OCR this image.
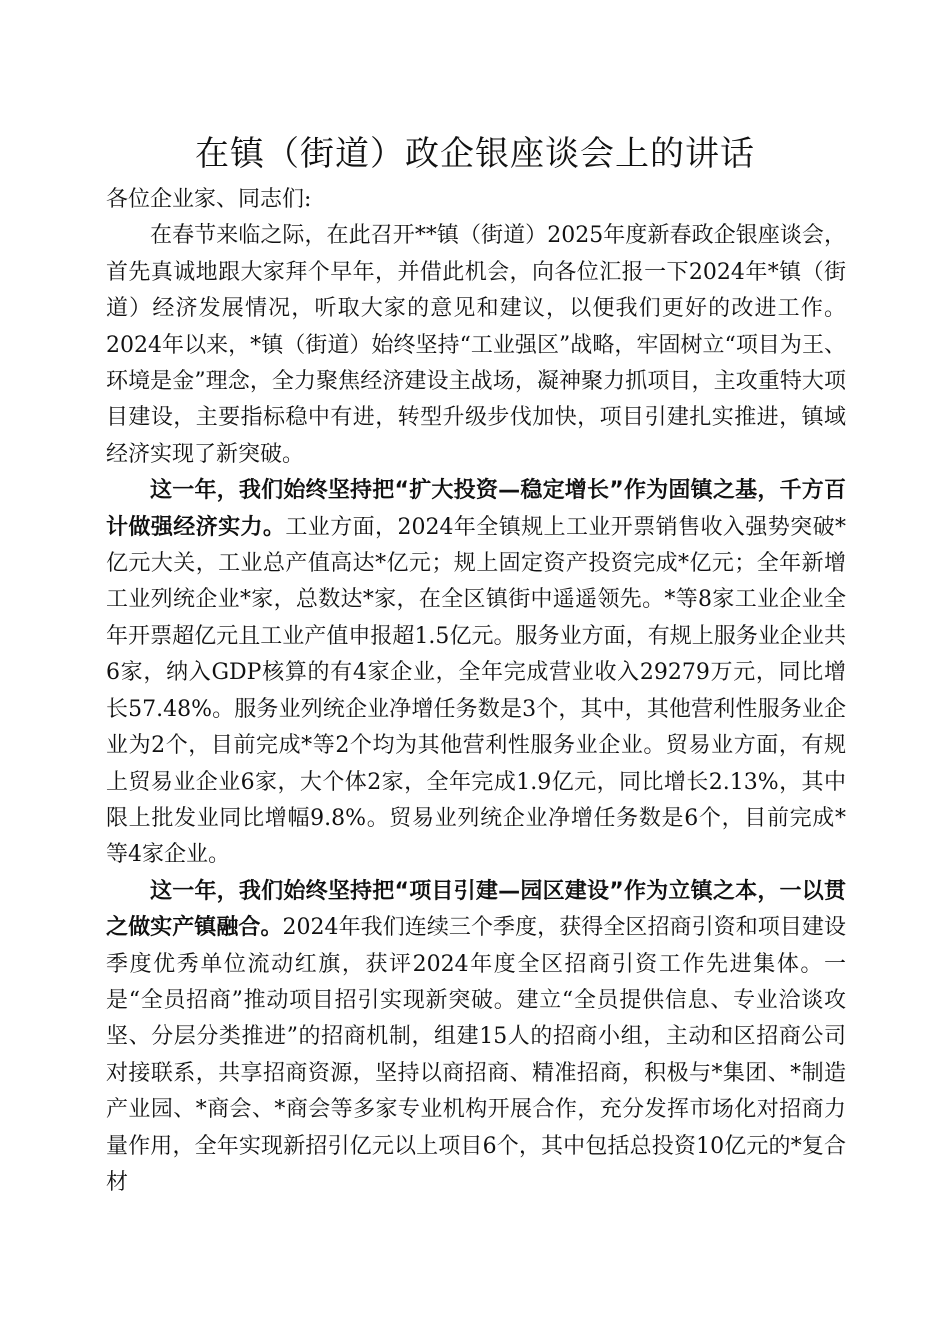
在镇（街道）政企银座谈会上的讲话

各位企业家、同志们:

在春节来临之际，在此召开**镇（街道）2025年度新春政企银座谈会，首先真诚地跟大家拜个早年，并借此机会，向各位汇报一下2024年*镇（街道）经济发展情况，听取大家的意见和建议，以便我们更好的改进工作。2024年以来，*镇（街道）始终坚持“工业强区”战略，牢固树立“项目为王、环境是金”理念，全力聚焦经济建设主战场，凝神聚力抓项目，主攻重特大项目建设，主要指标稳中有进，转型升级步伐加快，项目引建扎实推进，镇域经济实现了新突破。

这一年，我们始终坚持把“扩大投资—稳定增长”作为固镇之基，千方百计做强经济实力。工业方面，2024年全镇规上工业开票销售收入强势突破*亿元大关，工业总产值高达*亿元；规上固定资产投资完成*亿元；全年新增工业列统企业*家，总数达*家，在全区镇街中遥遥领先。*等8家工业企业全年开票超亿元且工业产值申报超1.5亿元。服务业方面，有规上服务业企业共6家，纳入GDP核算的有4家企业，全年完成营业收入29279万元，同比增长57.48%。服务业列统企业净增任务数是3个，其中，其他营利性服务业企业为2个，目前完成*等2个均为其他营利性服务业企业。贸易业方面，有规上贸易业企业6家，大个体2家，全年完成1.9亿元，同比增长2.13%，其中限上批发业同比增幅9.8%。贸易业列统企业净增任务数是6个，目前完成*等4家企业。

这一年，我们始终坚持把“项目引建—园区建设”作为立镇之本，一以贯之做实产镇融合。2024年我们连续三个季度，获得全区招商引资和项目建设季度优秀单位流动红旗，获评2024年度全区招商引资工作先进集体。一是“全员招商”推动项目招引实现新突破。建立“全员提供信息、专业洽谈攻坚、分层分类推进”的招商机制，组建15人的招商小组，主动和区招商公司对接联系，共享招商资源，坚持以商招商、精准招商，积极与*集团、*制造产业园、*商会、*商会等多家专业机构开展合作，充分发挥市场化对招商力量作用，全年实现新招引亿元以上项目6个，其中包括总投资10亿元的*复合材
